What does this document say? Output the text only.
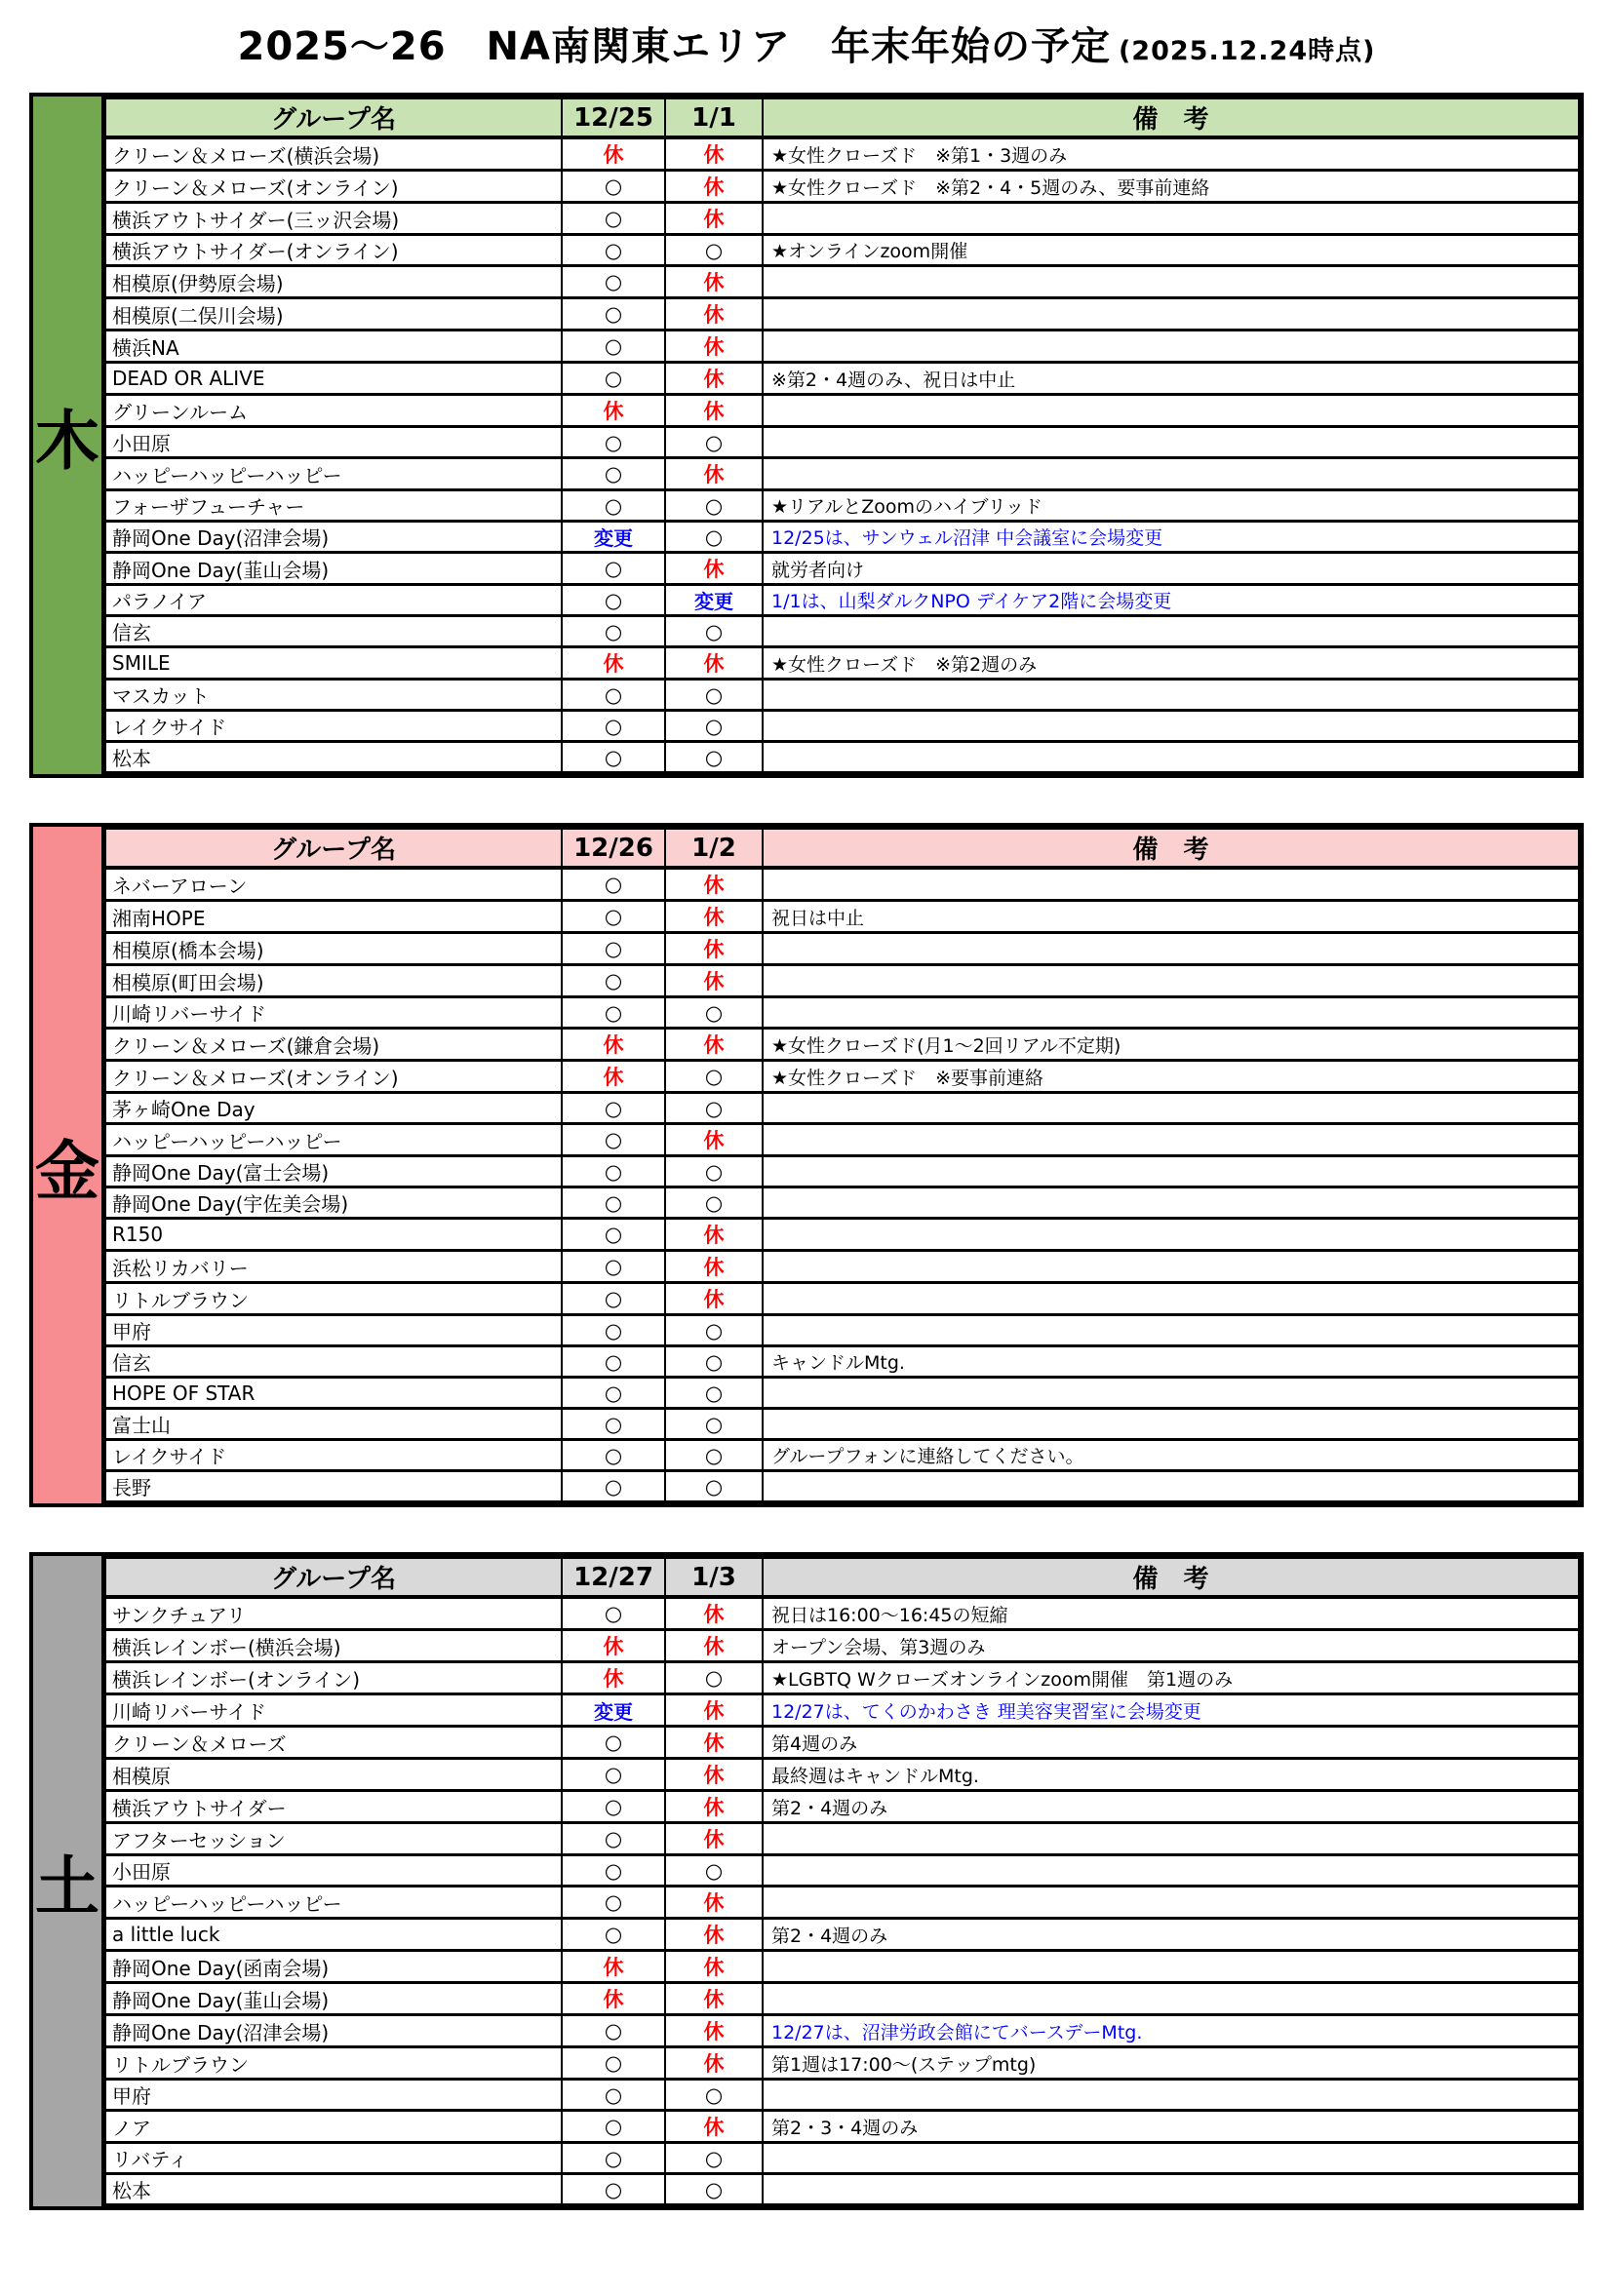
2025～26　NA南関東エリア　年末年始の予定 (2025.12.24時点)
木
グループ名	12/25	1/1	備　考
クリーン＆メローズ(横浜会場)	休	休	★女性クローズド　※第1・3週のみ
クリーン＆メローズ(オンライン)	○	休	★女性クローズド　※第2・4・5週のみ、要事前連絡
横浜アウトサイダー(三ッ沢会場)	○	休	
横浜アウトサイダー(オンライン)	○	○	★オンラインzoom開催
相模原(伊勢原会場)	○	休	
相模原(二俣川会場)	○	休	
横浜NA	○	休	
DEAD OR ALIVE	○	休	※第2・4週のみ、祝日は中止
グリーンルーム	休	休	
小田原	○	○	
ハッピーハッピーハッピー	○	休	
フォーザフューチャー	○	○	★リアルとZoomのハイブリッド
静岡One Day(沼津会場)	変更	○	12/25は、サンウェル沼津 中会議室に会場変更
静岡One Day(韮山会場)	○	休	就労者向け
パラノイア	○	変更	1/1は、山梨ダルクNPO デイケア2階に会場変更
信玄	○	○	
SMILE	休	休	★女性クローズド　※第2週のみ
マスカット	○	○	
レイクサイド	○	○	
松本	○	○	
金
グループ名	12/26	1/2	備　考
ネバーアローン	○	休	
湘南HOPE	○	休	祝日は中止
相模原(橋本会場)	○	休	
相模原(町田会場)	○	休	
川崎リバーサイド	○	○	
クリーン＆メローズ(鎌倉会場)	休	休	★女性クローズド(月1～2回リアル不定期)
クリーン＆メローズ(オンライン)	休	○	★女性クローズド　※要事前連絡
茅ヶ崎One Day	○	○	
ハッピーハッピーハッピー	○	休	
静岡One Day(富士会場)	○	○	
静岡One Day(宇佐美会場)	○	○	
R150	○	休	
浜松リカバリー	○	休	
リトルブラウン	○	休	
甲府	○	○	
信玄	○	○	キャンドルMtg.
HOPE OF STAR	○	○	
富士山	○	○	
レイクサイド	○	○	グループフォンに連絡してください。
長野	○	○	
土
グループ名	12/27	1/3	備　考
サンクチュアリ	○	休	祝日は16:00～16:45の短縮
横浜レインボー(横浜会場)	休	休	オープン会場、第3週のみ
横浜レインボー(オンライン)	休	○	★LGBTQ Wクローズオンラインzoom開催　第1週のみ
川崎リバーサイド	変更	休	12/27は、てくのかわさき 理美容実習室に会場変更
クリーン＆メローズ	○	休	第4週のみ
相模原	○	休	最終週はキャンドルMtg.
横浜アウトサイダー	○	休	第2・4週のみ
アフターセッション	○	休	
小田原	○	○	
ハッピーハッピーハッピー	○	休	
a little luck	○	休	第2・4週のみ
静岡One Day(函南会場)	休	休	
静岡One Day(韮山会場)	休	休	
静岡One Day(沼津会場)	○	休	12/27は、沼津労政会館にてバースデーMtg.
リトルブラウン	○	休	第1週は17:00～(ステップmtg)
甲府	○	○	
ノア	○	休	第2・3・4週のみ
リバティ	○	○	
松本	○	○	
